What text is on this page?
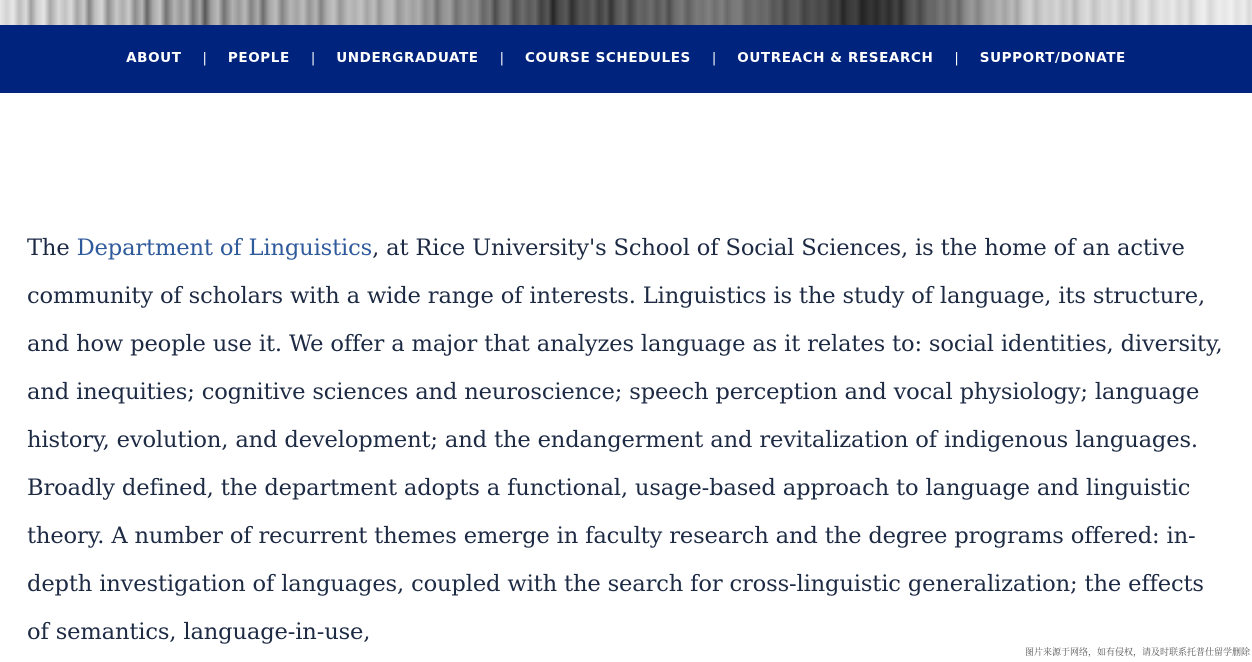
ABOUT | PEOPLE | UNDERGRADUATE | COURSE SCHEDULES | OUTREACH & RESEARCH | SUPPORT/DONATE

The Department of Linguistics, at Rice University's School of Social Sciences, is the home of an active community of scholars with a wide range of interests. Linguistics is the study of language, its structure, and how people use it. We offer a major that analyzes language as it relates to: social identities, diversity, and inequities; cognitive sciences and neuroscience; speech perception and vocal physiology; language history, evolution, and development; and the endangerment and revitalization of indigenous languages. Broadly defined, the department adopts a functional, usage-based approach to language and linguistic theory. A number of recurrent themes emerge in faculty research and the degree programs offered: in-depth investigation of languages, coupled with the search for cross-linguistic generalization; the effects of semantics, language-in-use,

图片来源于网络，如有侵权，请及时联系托普仕留学删除
